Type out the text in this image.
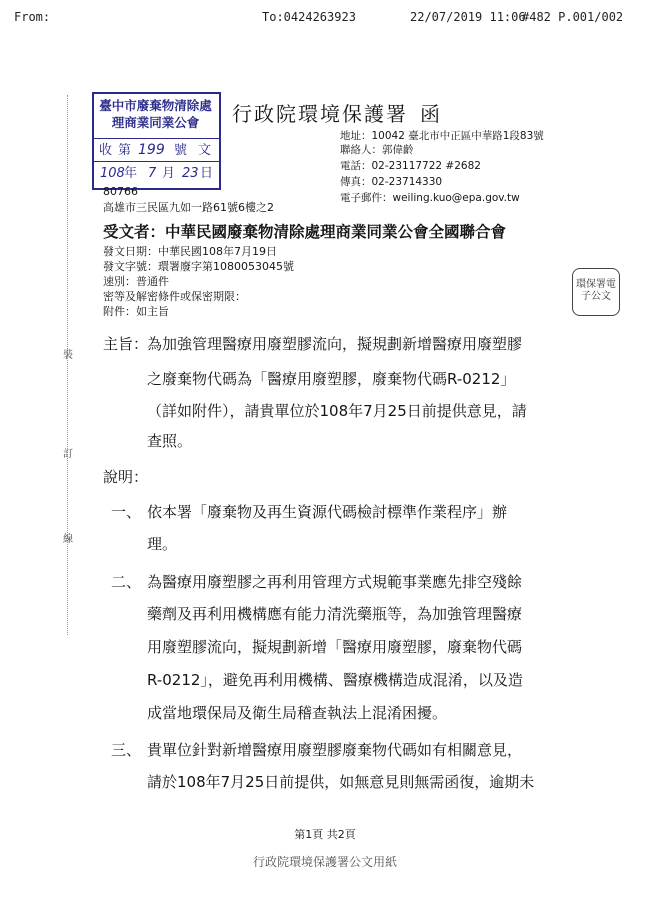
From:	To:0424263923	22/07/2019 11:06
#482 P.001/002
裝
訂
線
臺中市廢棄物清除處理商業同業公會
收 第 199 號 文
108 年 7 月 23 日
行政院環境保護署 函
地址：10042 臺北市中正區中華路1段83號
聯絡人：郭偉齡
電話：02-23117722 #2682
傳真：02-23714330
電子郵件：weiling.kuo@epa.gov.tw
80766
高雄市三民區九如一路61號6樓之2
受文者：中華民國廢棄物清除處理商業同業公會全國聯合會
發文日期：中華民國108年7月19日
發文字號：環署廢字第1080053045號
速別：普通件
密等及解密條件或保密期限：
附件：如主旨
環保署電子公文
主旨：
為加強管理醫療用廢塑膠流向，擬規劃新增醫療用廢塑膠
之廢棄物代碼為「醫療用廢塑膠，廢棄物代碼R-0212」
（詳如附件），請貴單位於108年7月25日前提供意見，請
查照。
說明：
一、 依本署「廢棄物及再生資源代碼檢討標準作業程序」辦
理。
二、 為醫療用廢塑膠之再利用管理方式規範事業應先排空殘餘
藥劑及再利用機構應有能力清洗藥瓶等，為加強管理醫療
用廢塑膠流向，擬規劃新增「醫療用廢塑膠，廢棄物代碼
R-0212」，避免再利用機構、醫療機構造成混淆，以及造
成當地環保局及衛生局稽查執法上混淆困擾。
三、 貴單位針對新增醫療用廢塑膠廢棄物代碼如有相關意見，
請於108年7月25日前提供，如無意見則無需函復，逾期未
第1頁 共2頁
行政院環境保護署公文用紙
